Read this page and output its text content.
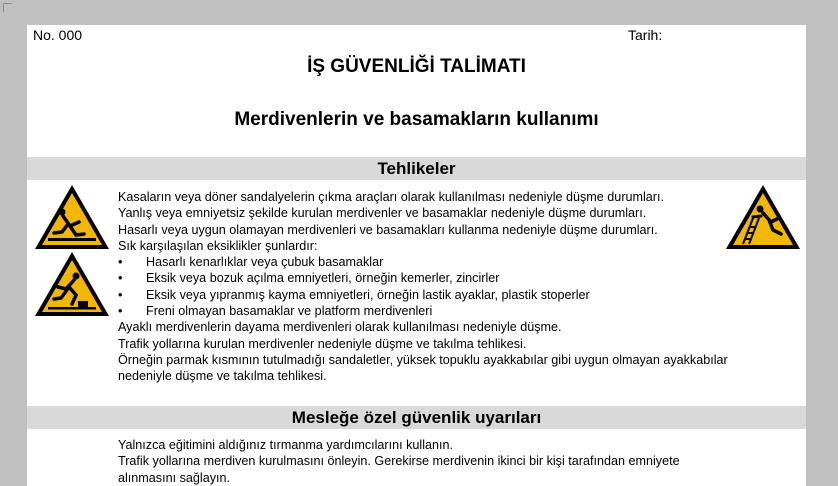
No. 000	Tarih:
İŞ GÜVENLİĞİ TALİMATI
Merdivenlerin ve basamakların kullanımı
Tehlikeler

Kasaların veya döner sandalyelerin çıkma araçları olarak kullanılması nedeniyle düşme durumları.

Yanlış veya emniyetsiz şekilde kurulan merdivenler ve basamaklar nedeniyle düşme durumları.

Hasarlı veya uygun olamayan merdivenleri ve basamakları kullanma nedeniyle düşme durumları.

Sık karşılaşılan eksiklikler şunlardır:

• Hasarlı kenarlıklar veya çubuk basamaklar
• Eksik veya bozuk açılma emniyetleri, örneğin kemerler, zincirler
• Eksik veya yıpranmış kayma emniyetleri, örneğin lastik ayaklar, plastik stoperler
• Freni olmayan basamaklar ve platform merdivenleri

Ayaklı merdivenlerin dayama merdivenleri olarak kullanılması nedeniyle düşme.

Trafik yollarına kurulan merdivenler nedeniyle düşme ve takılma tehlikesi.

Örneğin parmak kısmının tutulmadığı sandaletler, yüksek topuklu ayakkabılar gibi uygun olmayan ayakkabılar nedeniyle düşme ve takılma tehlikesi.

Mesleğe özel güvenlik uyarıları

Yalnızca eğitimini aldığınız tırmanma yardımcılarını kullanın.

Trafik yollarına merdiven kurulmasını önleyin. Gerekirse merdivenin ikinci bir kişi tarafından emniyete alınmasını sağlayın.
